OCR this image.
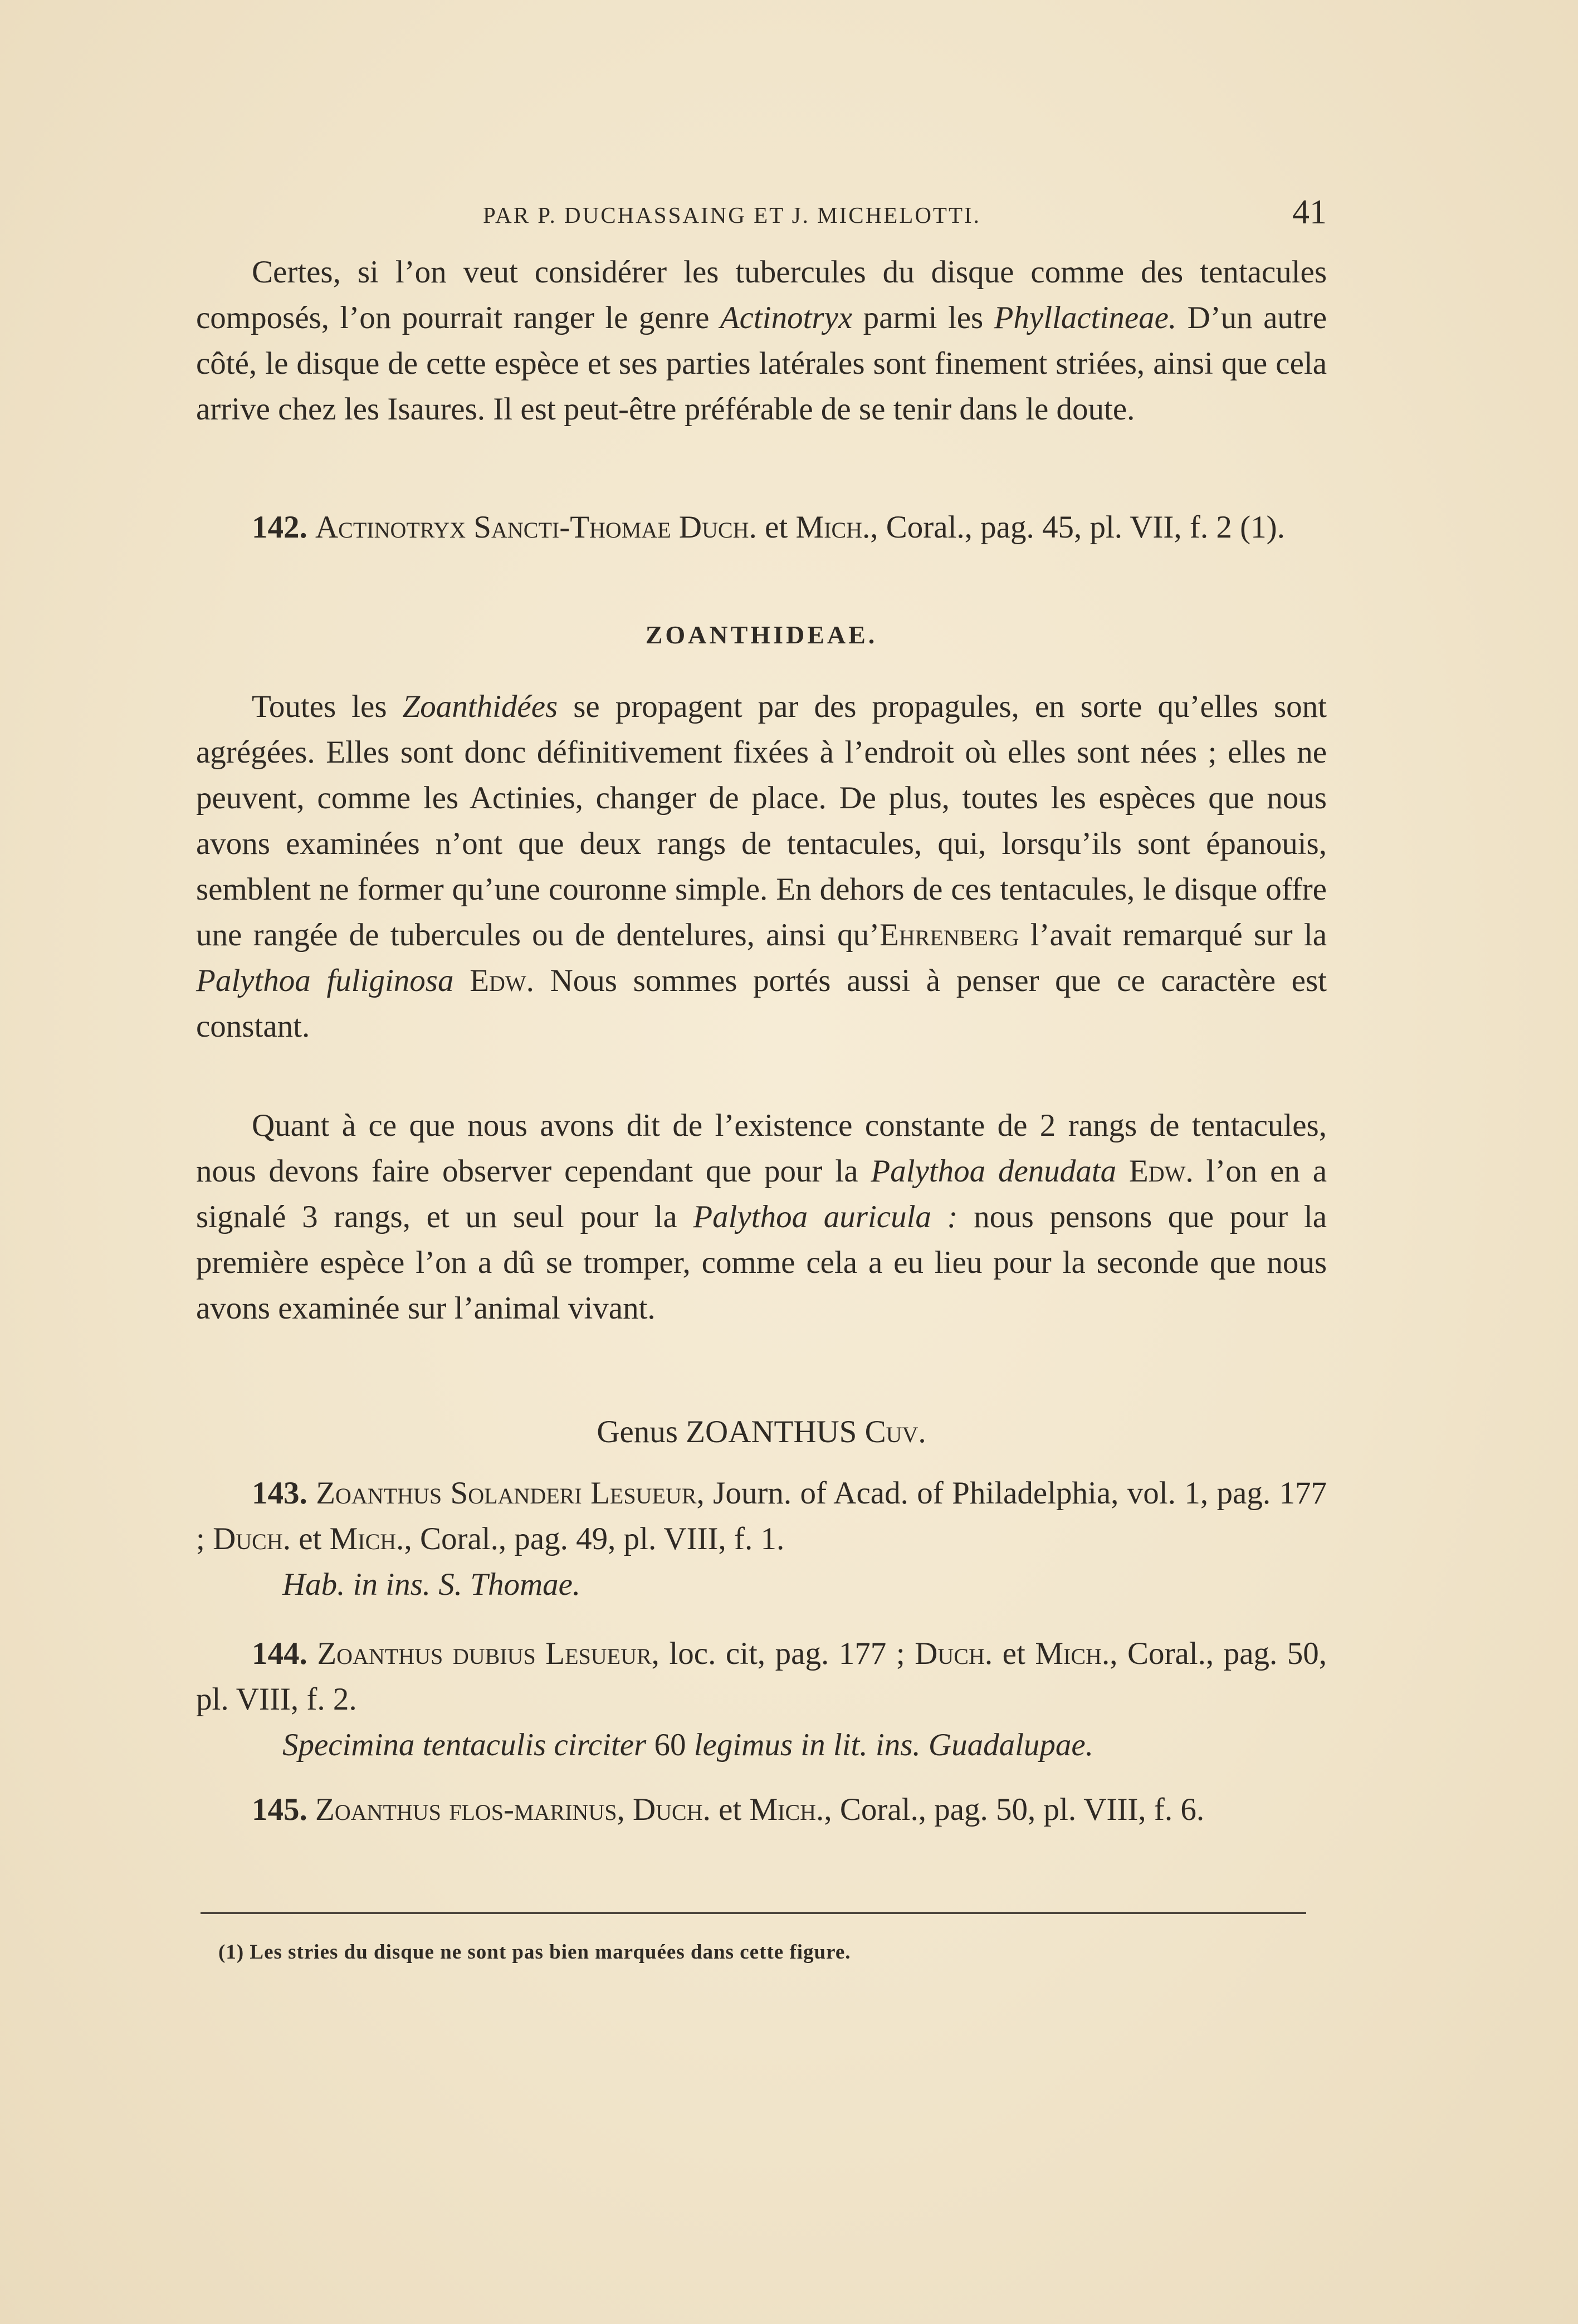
PAR P. DUCHASSAING ET J. MICHELOTTI.	41

Certes, si l’on veut considérer les tubercules du disque comme des tentacules composés, l’on pourrait ranger le genre Actinotryx parmi les Phyllactineae. D’un autre côté, le disque de cette espèce et ses parties latérales sont finement striées, ainsi que cela arrive chez les Isaures. Il est peut-être préférable de se tenir dans le doute.

142. Actinotryx Sancti-Thomae Duch. et Mich., Coral., pag. 45, pl. VII, f. 2 (1).

ZOANTHIDEAE.

Toutes les Zoanthidées se propagent par des propagules, en sorte qu’elles sont agrégées. Elles sont donc définitivement fixées à l’endroit où elles sont nées ; elles ne peuvent, comme les Actinies, changer de place. De plus, toutes les espèces que nous avons examinées n’ont que deux rangs de tentacules, qui, lorsqu’ils sont épanouis, semblent ne former qu’une couronne simple. En dehors de ces tentacules, le disque offre une rangée de tubercules ou de dentelures, ainsi qu’Ehrenberg l’avait remarqué sur la Palythoa fuliginosa Edw. Nous sommes portés aussi à penser que ce caractère est constant.

Quant à ce que nous avons dit de l’existence constante de 2 rangs de tentacules, nous devons faire observer cependant que pour la Palythoa denudata Edw. l’on en a signalé 3 rangs, et un seul pour la Palythoa auricula : nous pensons que pour la première espèce l’on a dû se tromper, comme cela a eu lieu pour la seconde que nous avons examinée sur l’animal vivant.

Genus ZOANTHUS Cuv.

143. Zoanthus Solanderi Lesueur, Journ. of Acad. of Philadelphia, vol. 1, pag. 177 ; Duch. et Mich., Coral., pag. 49, pl. VIII, f. 1.

Hab. in ins. S. Thomae.

144. Zoanthus dubius Lesueur, loc. cit, pag. 177 ; Duch. et Mich., Coral., pag. 50, pl. VIII, f. 2.

Specimina tentaculis circiter 60 legimus in lit. ins. Guadalupae.

145. Zoanthus flos-marinus, Duch. et Mich., Coral., pag. 50, pl. VIII, f. 6.

(1) Les stries du disque ne sont pas bien marquées dans cette figure.
